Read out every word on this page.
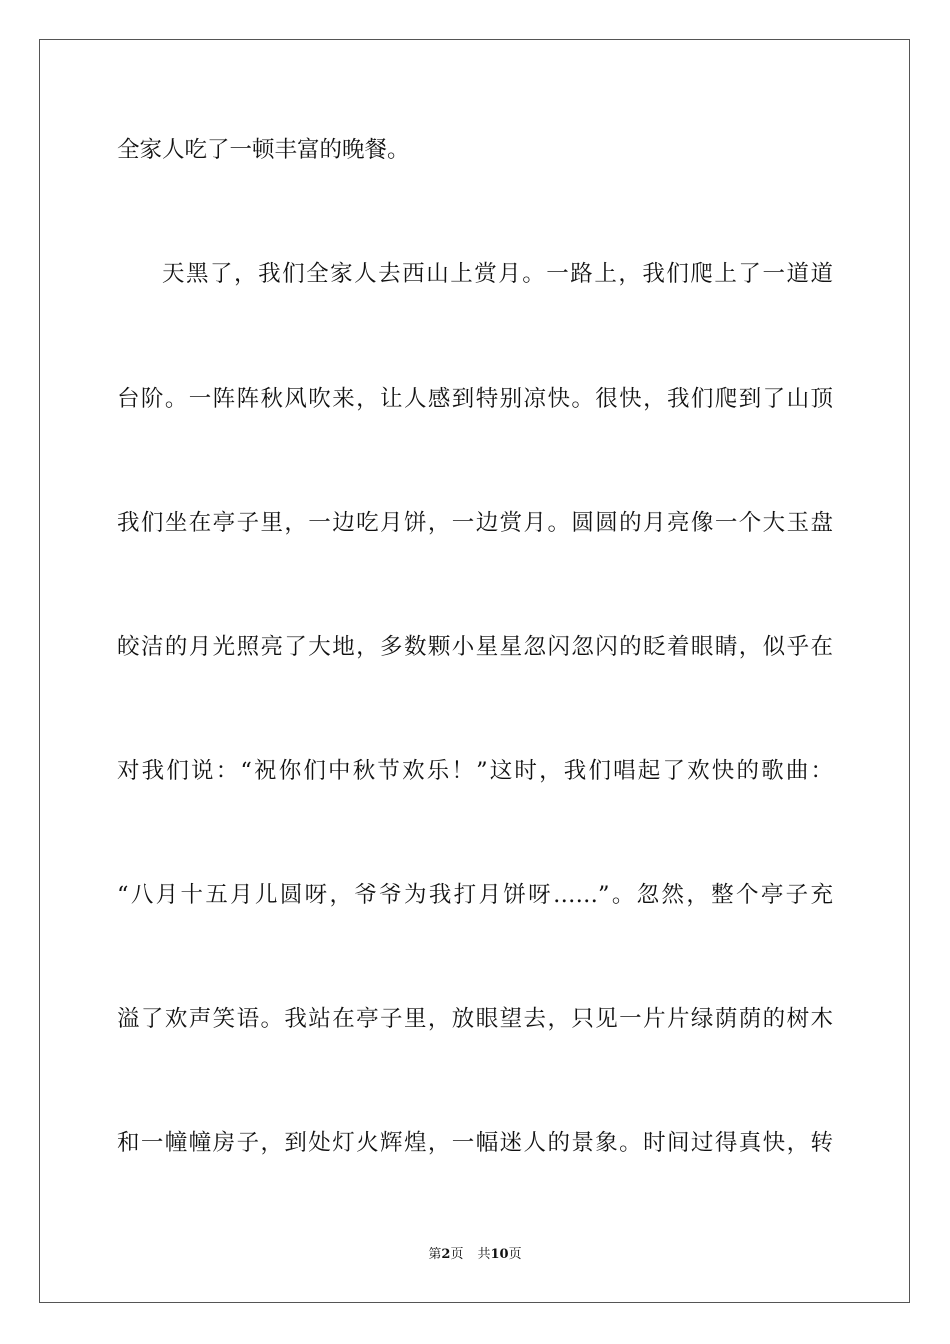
全家人吃了一顿丰富的晚餐。
天黑了，我们全家人去西山上赏月。一路上，我们爬上了一道道
台阶。一阵阵秋风吹来，让人感到特别凉快。很快，我们爬到了山顶
我们坐在亭子里，一边吃月饼，一边赏月。圆圆的月亮像一个大玉盘
皎洁的月光照亮了大地，多数颗小星星忽闪忽闪的眨着眼睛，似乎在
对我们说：“祝你们中秋节欢乐！”这时，我们唱起了欢快的歌曲：
“八月十五月儿圆呀，爷爷为我打月饼呀……”。忽然，整个亭子充
溢了欢声笑语。我站在亭子里，放眼望去，只见一片片绿荫荫的树木
和一幢幢房子，到处灯火辉煌，一幅迷人的景象。时间过得真快，转
第2页 共10页
